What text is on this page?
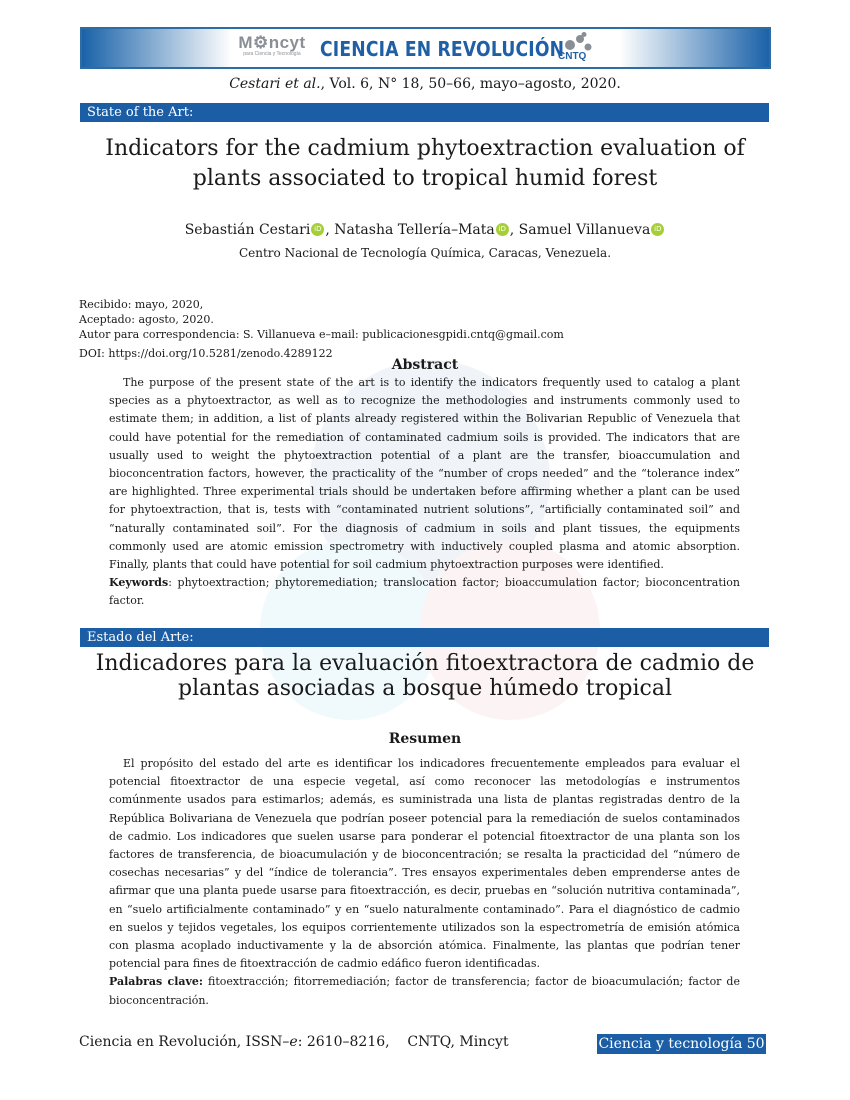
M⚙ncyt
para Ciencia y Tecnología CIENCIA EN REVOLUCIÓN
CNTQ
Cestari et al., Vol. 6, N° 18, 50–66, mayo–agosto, 2020.
State of the Art:
Indicators for the cadmium phytoextraction evaluation of plants associated to tropical humid forest
Sebastián Cestari iD , Natasha Tellería–Mata iD , Samuel Villanueva iD
Centro Nacional de Tecnología Química, Caracas, Venezuela.
Recibido: mayo, 2020,
Aceptado: agosto, 2020.
Autor para correspondencia: S. Villanueva e–mail: publicacionesgpidi.cntq@gmail.com
DOI: https://doi.org/10.5281/zenodo.4289122
Abstract

The purpose of the present state of the art is to identify the indicators frequently used to catalog a plant species as a phytoextractor, as well as to recognize the methodologies and instruments commonly used to estimate them; in addition, a list of plants already registered within the Bolivarian Republic of Venezuela that could have potential for the remediation of contaminated cadmium soils is provided. The indicators that are usually used to weight the phytoextraction potential of a plant are the transfer, bioaccumulation and bioconcentration factors, however, the practicality of the “number of crops needed” and the “tolerance index” are highlighted. Three experimental trials should be undertaken before affirming whether a plant can be used for phytoextraction, that is, tests with “contaminated nutrient solutions”, “artificially contaminated soil” and “naturally contaminated soil”. For the diagnosis of cadmium in soils and plant tissues, the equipments commonly used are atomic emission spectrometry with inductively coupled plasma and atomic absorption. Finally, plants that could have potential for soil cadmium phytoextraction purposes were identified.

Keywords: phytoextraction; phytoremediation; translocation factor; bioaccumulation factor; bioconcentration factor.

Estado del Arte:
Indicadores para la evaluación fitoextractora de cadmio de plantas asociadas a bosque húmedo tropical
Resumen

El propósito del estado del arte es identificar los indicadores frecuentemente empleados para evaluar el potencial fitoextractor de una especie vegetal, así como reconocer las metodologías e instrumentos comúnmente usados para estimarlos; además, es suministrada una lista de plantas registradas dentro de la República Bolivariana de Venezuela que podrían poseer potencial para la remediación de suelos contaminados de cadmio. Los indicadores que suelen usarse para ponderar el potencial fitoextractor de una planta son los factores de transferencia, de bioacumulación y de bioconcentración; se resalta la practicidad del “número de cosechas necesarias” y del “índice de tolerancia”. Tres ensayos experimentales deben emprenderse antes de afirmar que una planta puede usarse para fitoextracción, es decir, pruebas en “solución nutritiva contaminada”, en “suelo artificialmente contaminado” y en “suelo naturalmente contaminado”. Para el diagnóstico de cadmio en suelos y tejidos vegetales, los equipos corrientemente utilizados son la espectrometría de emisión atómica con plasma acoplado inductivamente y la de absorción atómica. Finalmente, las plantas que podrían tener potencial para fines de fitoextracción de cadmio edáfico fueron identificadas.

Palabras clave: fitoextracción; fitorremediación; factor de transferencia; factor de bioacumulación; factor de bioconcentración.

Ciencia en Revolución, ISSN–e: 2610–8216, CNTQ, Mincyt	Ciencia y tecnología 50
